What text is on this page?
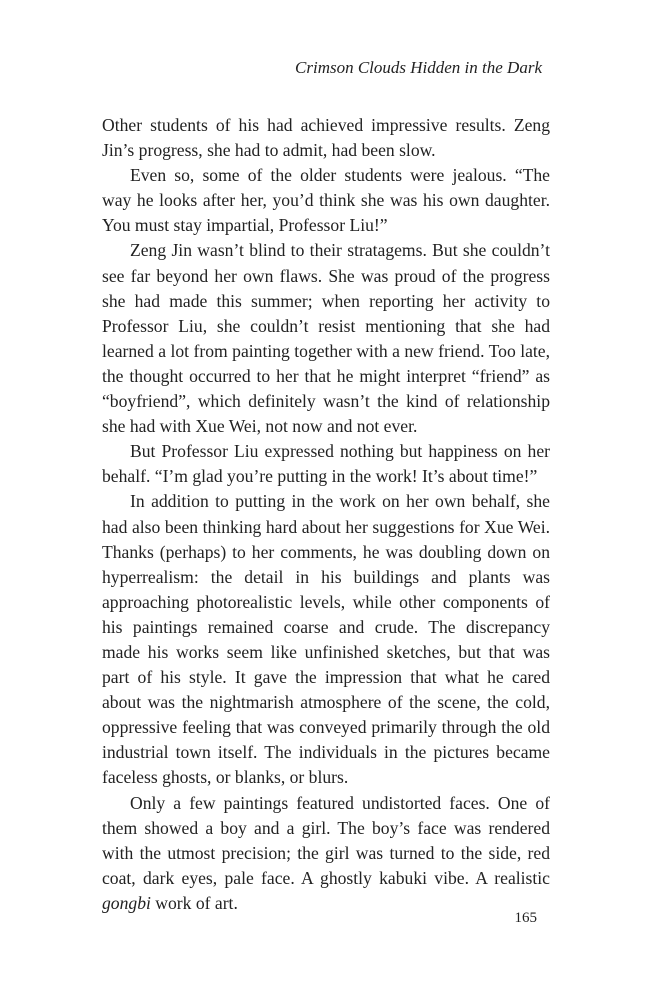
Crimson Clouds Hidden in the Dark

Other students of his had achieved impressive results. Zeng Jin’s progress, she had to admit, had been slow.

Even so, some of the older students were jealous. “The way he looks after her, you’d think she was his own daughter. You must stay impartial, Professor Liu!”

Zeng Jin wasn’t blind to their stratagems. But she couldn’t see far beyond her own flaws. She was proud of the progress she had made this summer; when reporting her activity to Professor Liu, she couldn’t resist mentioning that she had learned a lot from painting together with a new friend. Too late, the thought occurred to her that he might interpret “friend” as “boyfriend”, which definitely wasn’t the kind of relationship she had with Xue Wei, not now and not ever.

But Professor Liu expressed nothing but happiness on her behalf. “I’m glad you’re putting in the work! It’s about time!”

In addition to putting in the work on her own behalf, she had also been thinking hard about her suggestions for Xue Wei. Thanks (perhaps) to her comments, he was doubling down on hyperrealism: the detail in his buildings and plants was approaching photorealistic levels, while other components of his paintings remained coarse and crude. The discrepancy made his works seem like unfinished sketches, but that was part of his style. It gave the impression that what he cared about was the nightmarish atmosphere of the scene, the cold, oppressive feeling that was conveyed primarily through the old industrial town itself. The individuals in the pictures became faceless ghosts, or blanks, or blurs.

Only a few paintings featured undistorted faces. One of them showed a boy and a girl. The boy’s face was rendered with the utmost precision; the girl was turned to the side, red coat, dark eyes, pale face. A ghostly kabuki vibe. A realistic gongbi work of art.

165
